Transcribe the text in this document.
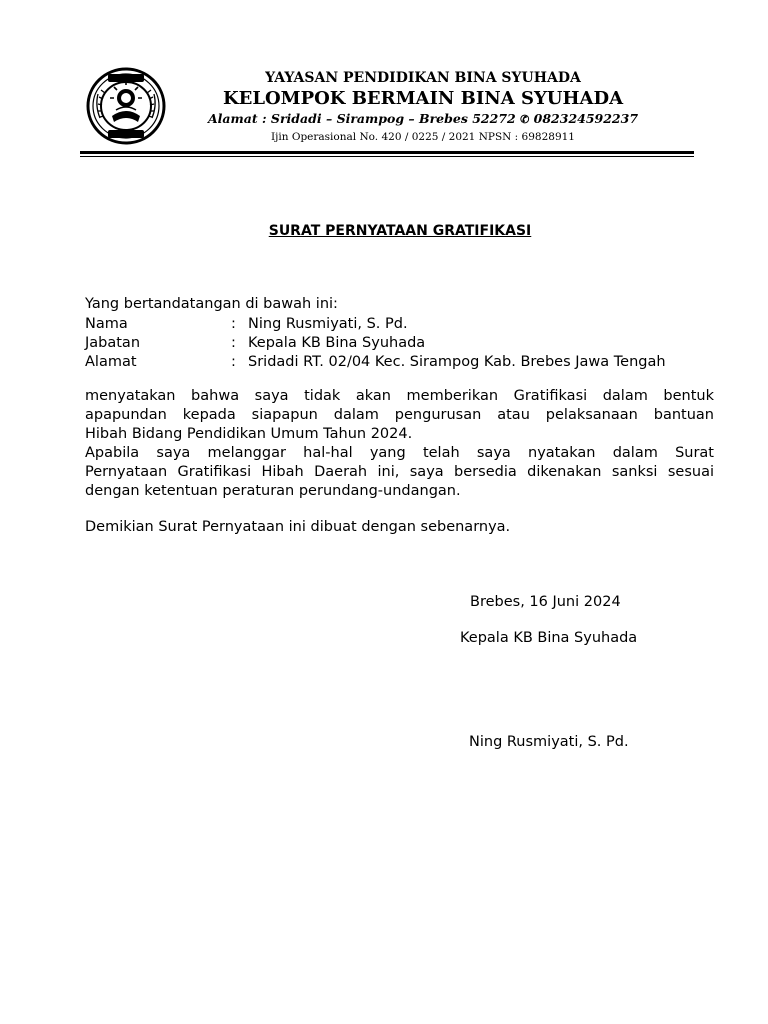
YAYASAN PENDIDIKAN BINA SYUHADA
KELOMPOK BERMAIN BINA SYUHADA
Alamat : Sridadi – Sirampog – Brebes 52272 ✆ 082324592237
Ijin Operasional No. 420 / 0225 / 2021 NPSN : 69828911
SURAT PERNYATAAN GRATIFIKASI
Yang bertandatangan di bawah ini:
Nama	: Ning Rusmiyati, S. Pd.
Jabatan	: Kepala KB Bina Syuhada
Alamat	: Sridadi RT. 02/04 Kec. Sirampog Kab. Brebes Jawa Tengah
menyatakan bahwa saya tidak akan memberikan Gratifikasi dalam bentuk
apapundan kepada siapapun dalam pengurusan atau pelaksanaan bantuan
Hibah Bidang Pendidikan Umum Tahun 2024.
Apabila saya melanggar hal-hal yang telah saya nyatakan dalam Surat
Pernyataan Gratifikasi Hibah Daerah ini, saya bersedia dikenakan sanksi sesuai
dengan ketentuan peraturan perundang-undangan.
Demikian Surat Pernyataan ini dibuat dengan sebenarnya.
Brebes, 16 Juni 2024
Kepala KB Bina Syuhada
Ning Rusmiyati, S. Pd.
